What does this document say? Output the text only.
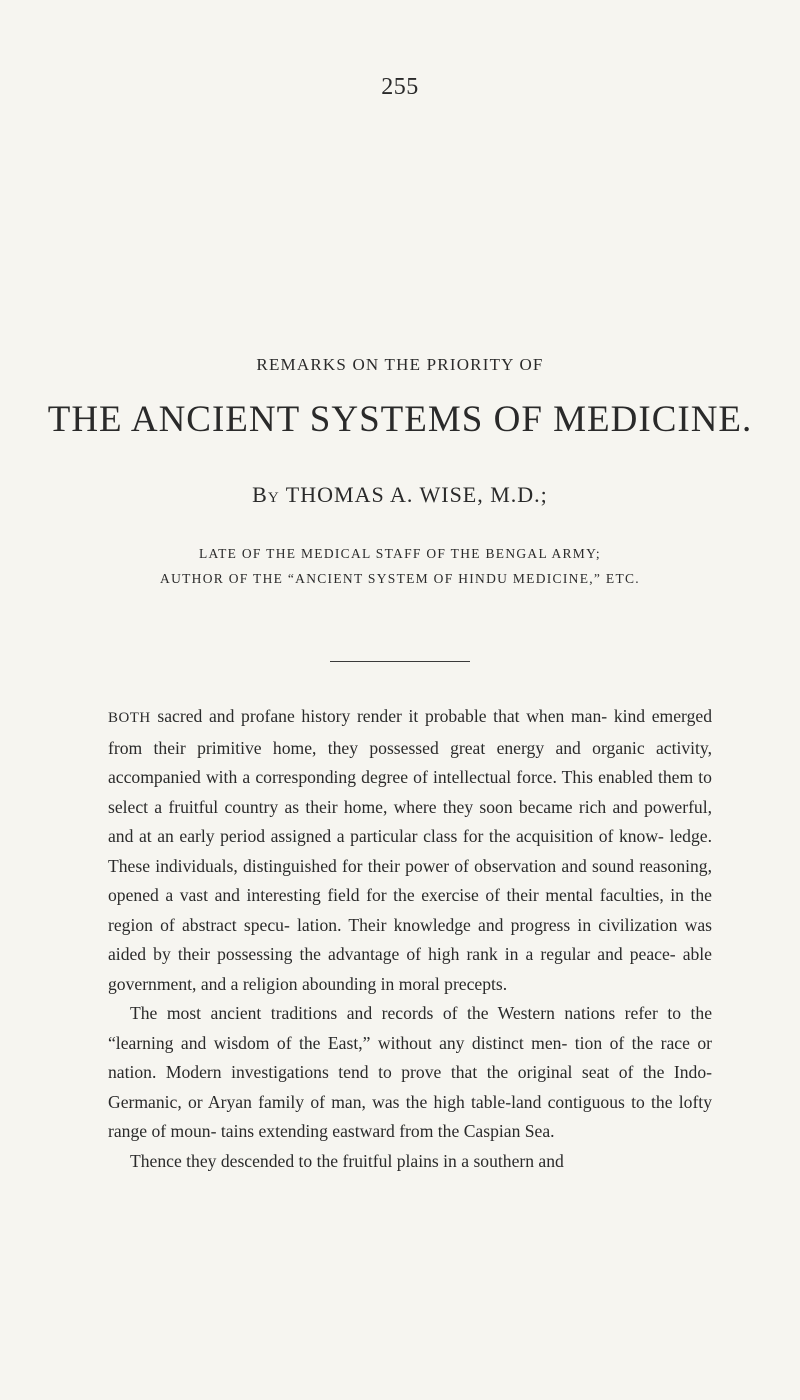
255
REMARKS ON THE PRIORITY OF
THE ANCIENT SYSTEMS OF MEDICINE.
By THOMAS A. WISE, M.D.;
LATE OF THE MEDICAL STAFF OF THE BENGAL ARMY;
AUTHOR OF THE “ANCIENT SYSTEM OF HINDU MEDICINE,” ETC.

BOTH sacred and profane history render it probable that when man- kind emerged from their primitive home, they possessed great energy and organic activity, accompanied with a corresponding degree of intellectual force. This enabled them to select a fruitful country as their home, where they soon became rich and powerful, and at an early period assigned a particular class for the acquisition of know- ledge. These individuals, distinguished for their power of observation and sound reasoning, opened a vast and interesting field for the exercise of their mental faculties, in the region of abstract specu- lation. Their knowledge and progress in civilization was aided by their possessing the advantage of high rank in a regular and peace- able government, and a religion abounding in moral precepts.

The most ancient traditions and records of the Western nations refer to the “learning and wisdom of the East,” without any distinct men- tion of the race or nation. Modern investigations tend to prove that the original seat of the Indo-Germanic, or Aryan family of man, was the high table-land contiguous to the lofty range of moun- tains extending eastward from the Caspian Sea.

Thence they descended to the fruitful plains in a southern and
